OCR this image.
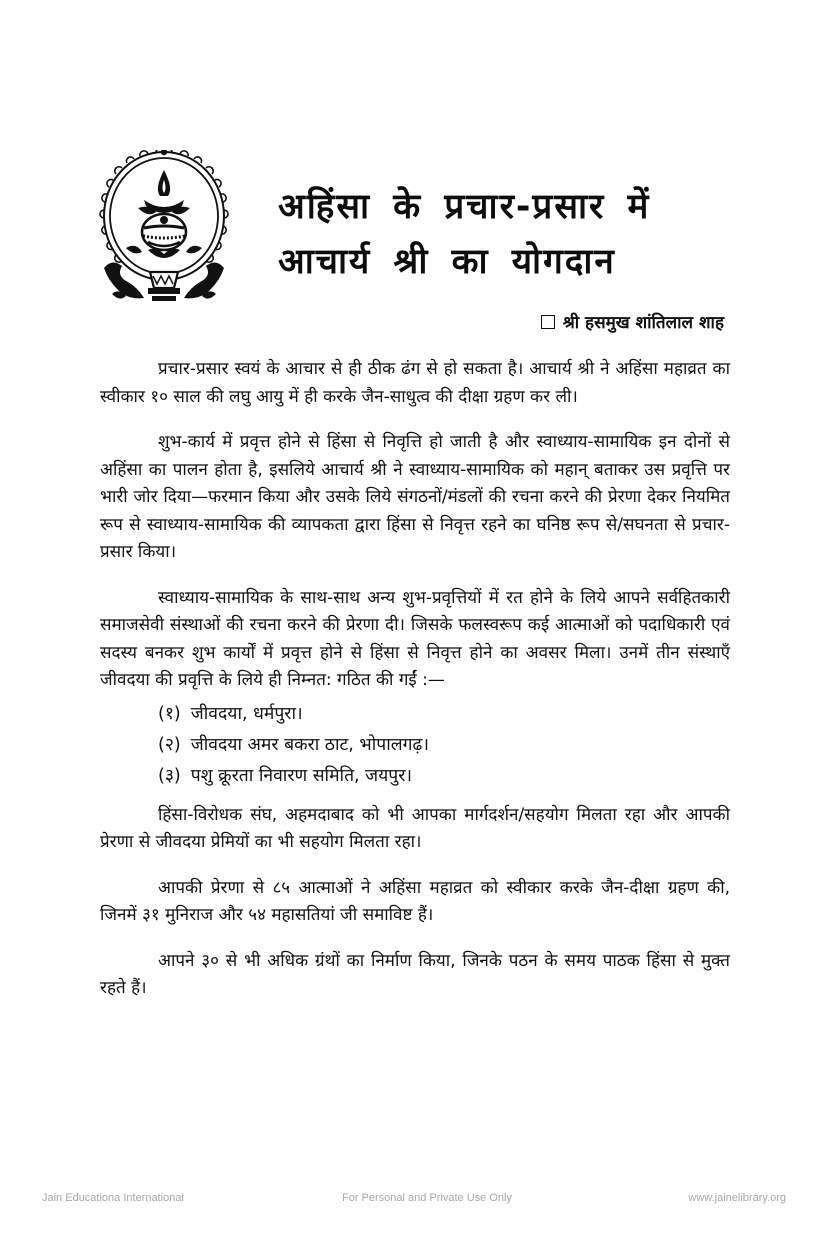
अहिंसा के प्रचार-प्रसार में
आचार्य श्री का योगदान
श्री हसमुख शांतिलाल शाह

प्रचार-प्रसार स्वयं के आचार से ही ठीक ढंग से हो सकता है। आचार्य श्री ने अहिंसा महाव्रत का स्वीकार १० साल की लघु आयु में ही करके जैन-साधुत्व की दीक्षा ग्रहण कर ली।

शुभ-कार्य में प्रवृत्त होने से हिंसा से निवृत्ति हो जाती है और स्वाध्याय-सामायिक इन दोनों से अहिंसा का पालन होता है, इसलिये आचार्य श्री ने स्वाध्याय-सामायिक को महान् बताकर उस प्रवृत्ति पर भारी जोर दिया—फरमान किया और उसके लिये संगठनों/मंडलों की रचना करने की प्रेरणा देकर नियमित रूप से स्वाध्याय-सामायिक की व्यापकता द्वारा हिंसा से निवृत्त रहने का घनिष्ठ रूप से/सघनता से प्रचार-प्रसार किया।

स्वाध्याय-सामायिक के साथ-साथ अन्य शुभ-प्रवृत्तियों में रत होने के लिये आपने सर्वहितकारी समाजसेवी संस्थाओं की रचना करने की प्रेरणा दी। जिसके फलस्वरूप कई आत्माओं को पदाधिकारी एवं सदस्य बनकर शुभ कार्यों में प्रवृत्त होने से हिंसा से निवृत्त होने का अवसर मिला। उनमें तीन संस्थाएँ जीवदया की प्रवृत्ति के लिये ही निम्नत: गठित की गईं :—

(१) जीवदया, धर्मपुरा।
(२) जीवदया अमर बकरा ठाट, भोपालगढ़।
(३) पशु क्रूरता निवारण समिति, जयपुर।

हिंसा-विरोधक संघ, अहमदाबाद को भी आपका मार्गदर्शन/सहयोग मिलता रहा और आपकी प्रेरणा से जीवदया प्रेमियों का भी सहयोग मिलता रहा।

आपकी प्रेरणा से ८५ आत्माओं ने अहिंसा महाव्रत को स्वीकार करके जैन-दीक्षा ग्रहण की, जिनमें ३१ मुनिराज और ५४ महासतियां जी समाविष्ट हैं।

आपने ३० से भी अधिक ग्रंथों का निर्माण किया, जिनके पठन के समय पाठक हिंसा से मुक्त रहते हैं।

Jain Educationa International	For Personal and Private Use Only	www.jainelibrary.org
